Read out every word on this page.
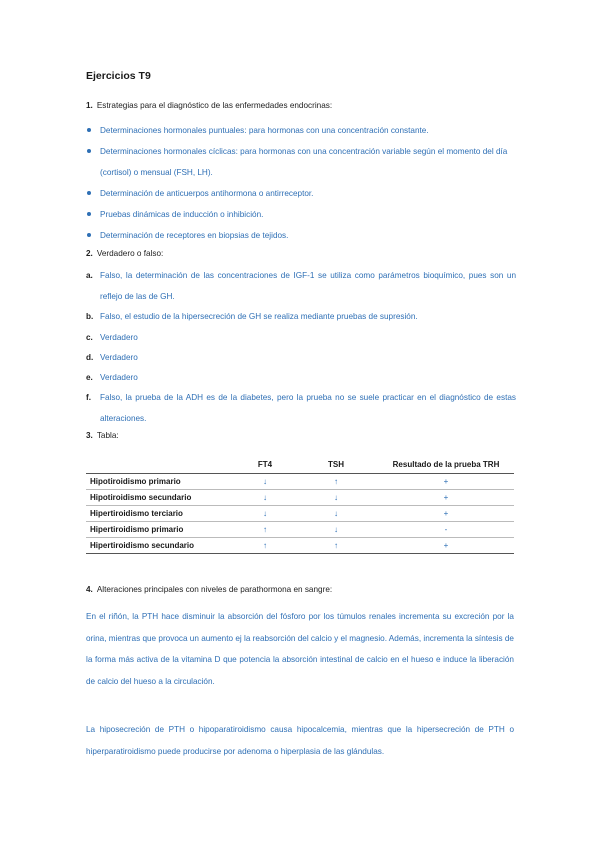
Ejercicios T9
1. Estrategias para el diagnóstico de las enfermedades endocrinas:
Determinaciones hormonales puntuales: para hormonas con una concentración constante.
Determinaciones hormonales cíclicas: para hormonas con una concentración variable según el momento del día (cortisol) o mensual (FSH, LH).
Determinación de anticuerpos antihormona o antirreceptor.
Pruebas dinámicas de inducción o inhibición.
Determinación de receptores en biopsias de tejidos.
2. Verdadero o falso:
a. Falso, la determinación de las concentraciones de IGF-1 se utiliza como parámetros bioquímico, pues son un reflejo de las de GH.
b. Falso, el estudio de la hipersecreción de GH se realiza mediante pruebas de supresión.
c. Verdadero
d. Verdadero
e. Verdadero
f. Falso, la prueba de la ADH es de la diabetes, pero la prueba no se suele practicar en el diagnóstico de estas alteraciones.
3. Tabla:
	FT4	TSH	Resultado de la prueba TRH
Hipotiroidismo primario	↓	↑	+
Hipotiroidismo secundario	↓	↓	+
Hipertiroidismo terciario	↓	↓	+
Hipertiroidismo primario	↑	↓	-
Hipertiroidismo secundario	↑	↑	+
4. Alteraciones principales con niveles de parathormona en sangre:
En el riñón, la PTH hace disminuir la absorción del fósforo por los túmulos renales incrementa su excreción por la orina, mientras que provoca un aumento ej la reabsorción del calcio y el magnesio. Además, incrementa la síntesis de la forma más activa de la vitamina D que potencia la absorción intestinal de calcio en el hueso e induce la liberación de calcio del hueso a la circulación.
La hiposecreción de PTH o hipoparatiroidismo causa hipocalcemia, mientras que la hipersecreción de PTH o hiperparatiroidismo puede producirse por adenoma o hiperplasia de las glándulas.
